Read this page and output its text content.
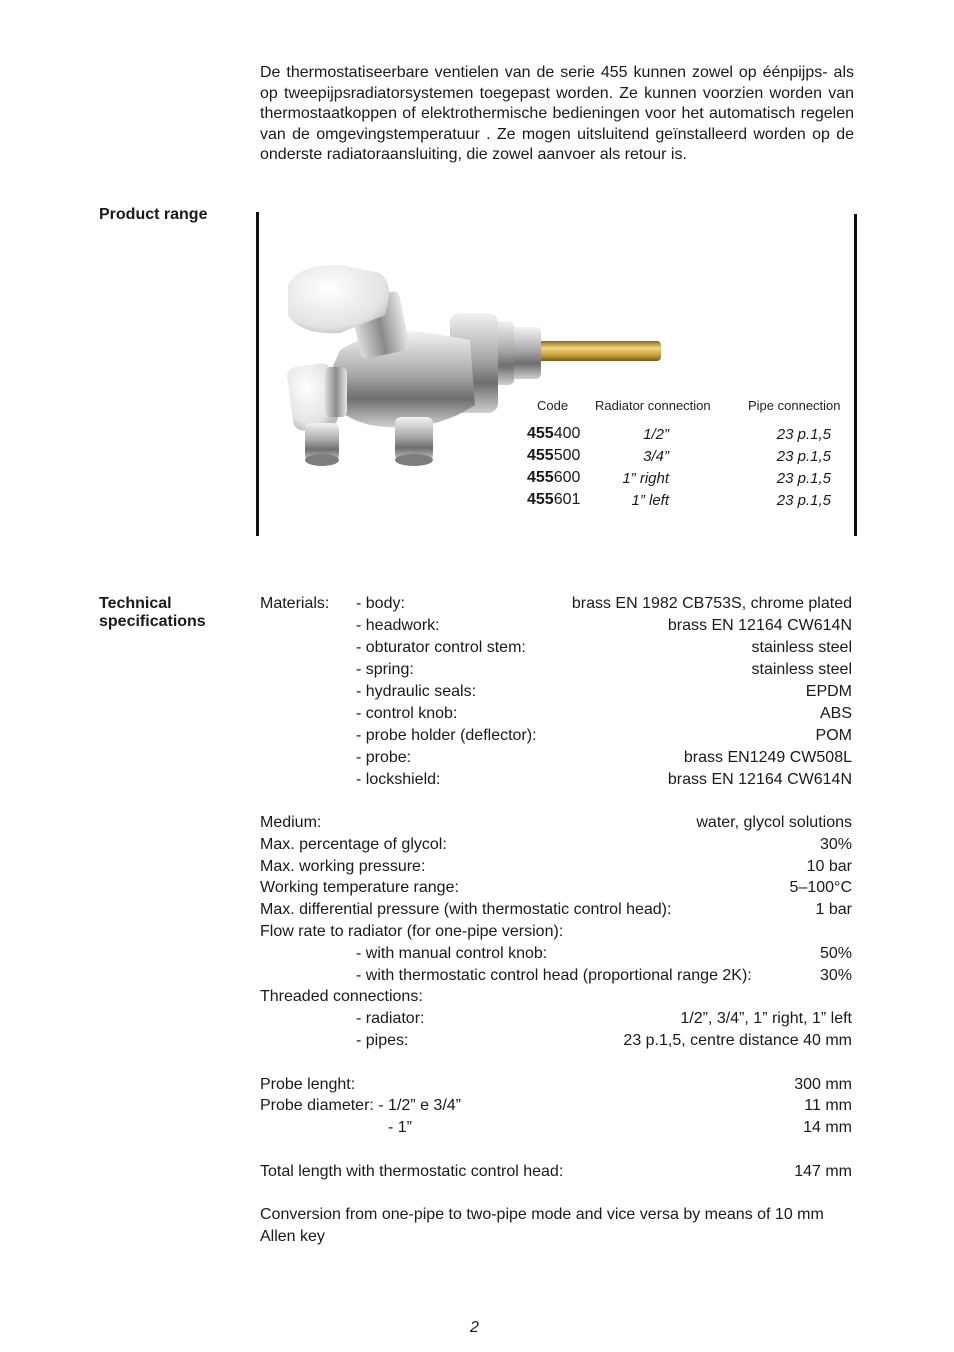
De thermostatiseerbare ventielen van de serie 455 kunnen zowel op éénpijps- als op tweepijpsradiatorsystemen toegepast worden. Ze kunnen voorzien worden van thermostaatkoppen of elektrothermische bedieningen voor het automatisch regelen van de omgevingstemperatuur . Ze mogen uitsluitend geïnstalleerd worden op de onderste radiatoraansluiting, die zowel aanvoer als retour is.

Product range
Code Radiator connection	Pipe connection
455400	1/2”	23 p.1,5
455500	3/4”	23 p.1,5
455600	1” right	23 p.1,5
455601	1” left	23 p.1,5
Technical
specifications
Materials: - body:	brass EN 1982 CB753S, chrome plated
- headwork:	brass EN 12164 CW614N
- obturator control stem:	stainless steel
- spring:	stainless steel
- hydraulic seals:	EPDM
- control knob:	ABS
- probe holder (deflector):	POM
- probe:	brass EN1249 CW508L
- lockshield:	brass EN 12164 CW614N
Medium:	water, glycol solutions
Max. percentage of glycol:	30%
Max. working pressure:	10 bar
Working temperature range:	5–100°C
Max. differential pressure (with thermostatic control head):	1 bar
Flow rate to radiator (for one-pipe version):
- with manual control knob:	50%
- with thermostatic control head (proportional range 2K):	30%
Threaded connections:
- radiator:	1/2”, 3/4”, 1” right, 1” left
- pipes:	23 p.1,5, centre distance 40 mm
Probe lenght:	300 mm
Probe diameter: - 1/2” e 3/4”	11 mm
- 1”	14 mm
Total length with thermostatic control head:	147 mm
Conversion from one-pipe to two-pipe mode and vice versa by means of 10 mm Allen key
2
